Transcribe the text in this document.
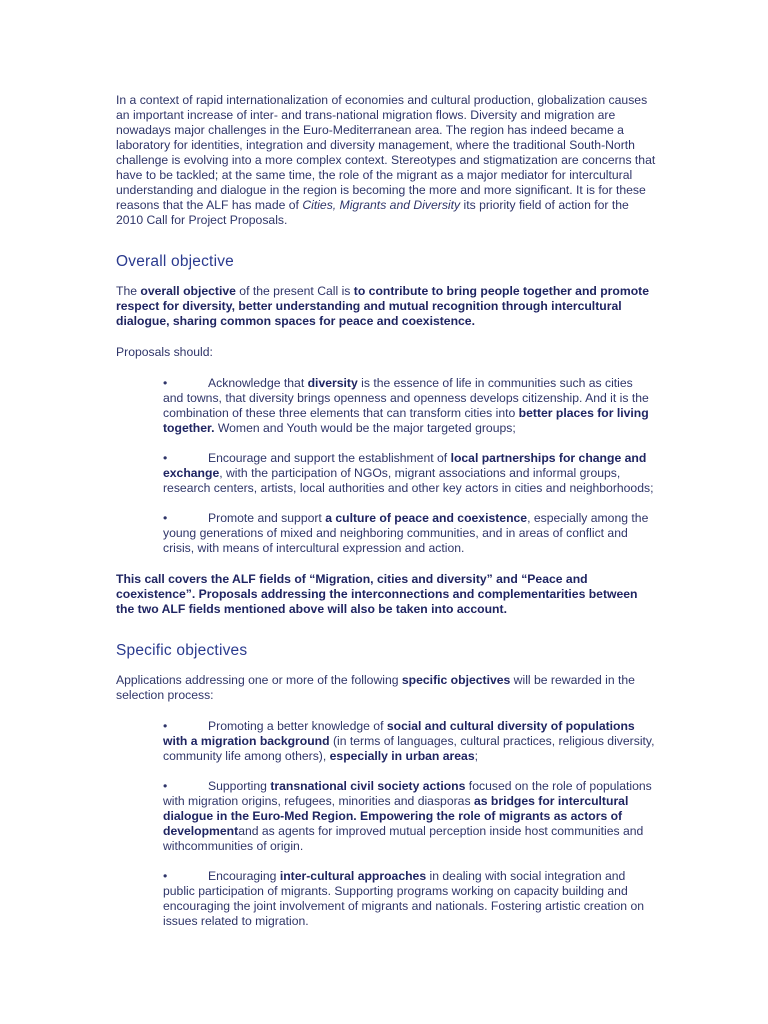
In a context of rapid internationalization of economies and cultural production, globalization causes an important increase of inter- and trans-national migration flows. Diversity and migration are nowadays major challenges in the Euro-Mediterranean area. The region has indeed became a laboratory for identities, integration and diversity management, where the traditional South-North challenge is evolving into a more complex context. Stereotypes and stigmatization are concerns that have to be tackled; at the same time, the role of the migrant as a major mediator for intercultural understanding and dialogue in the region is becoming the more and more significant. It is for these reasons that the ALF has made of Cities, Migrants and Diversity its priority field of action for the 2010 Call for Project Proposals.

Overall objective

The overall objective of the present Call is to contribute to bring people together and promote respect for diversity, better understanding and mutual recognition through intercultural dialogue, sharing common spaces for peace and coexistence.

Proposals should:

•	Acknowledge that diversity is the essence of life in communities such as cities and towns, that diversity brings openness and openness develops citizenship. And it is the combination of these three elements that can transform cities into better places for living together. Women and Youth would be the major targeted groups;
•	Encourage and support the establishment of local partnerships for change and exchange, with the participation of NGOs, migrant associations and informal groups, research centers, artists, local authorities and other key actors in cities and neighborhoods;
•	Promote and support a culture of peace and coexistence, especially among the young generations of mixed and neighboring communities, and in areas of conflict and crisis, with means of intercultural expression and action.

This call covers the ALF fields of “Migration, cities and diversity” and “Peace and coexistence”. Proposals addressing the interconnections and complementarities between the two ALF fields mentioned above will also be taken into account.

Specific objectives

Applications addressing one or more of the following specific objectives will be rewarded in the selection process:

•	Promoting a better knowledge of social and cultural diversity of populations with a migration background (in terms of languages, cultural practices, religious diversity, community life among others), especially in urban areas;
•	Supporting transnational civil society actions focused on the role of populations with migration origins, refugees, minorities and diasporas as bridges for intercultural dialogue in the Euro-Med Region. Empowering the role of migrants as actors of developmentand as agents for improved mutual perception inside host communities and withcommunities of origin.
•	Encouraging inter-cultural approaches in dealing with social integration and public participation of migrants. Supporting programs working on capacity building and encouraging the joint involvement of migrants and nationals. Fostering artistic creation on issues related to migration.
